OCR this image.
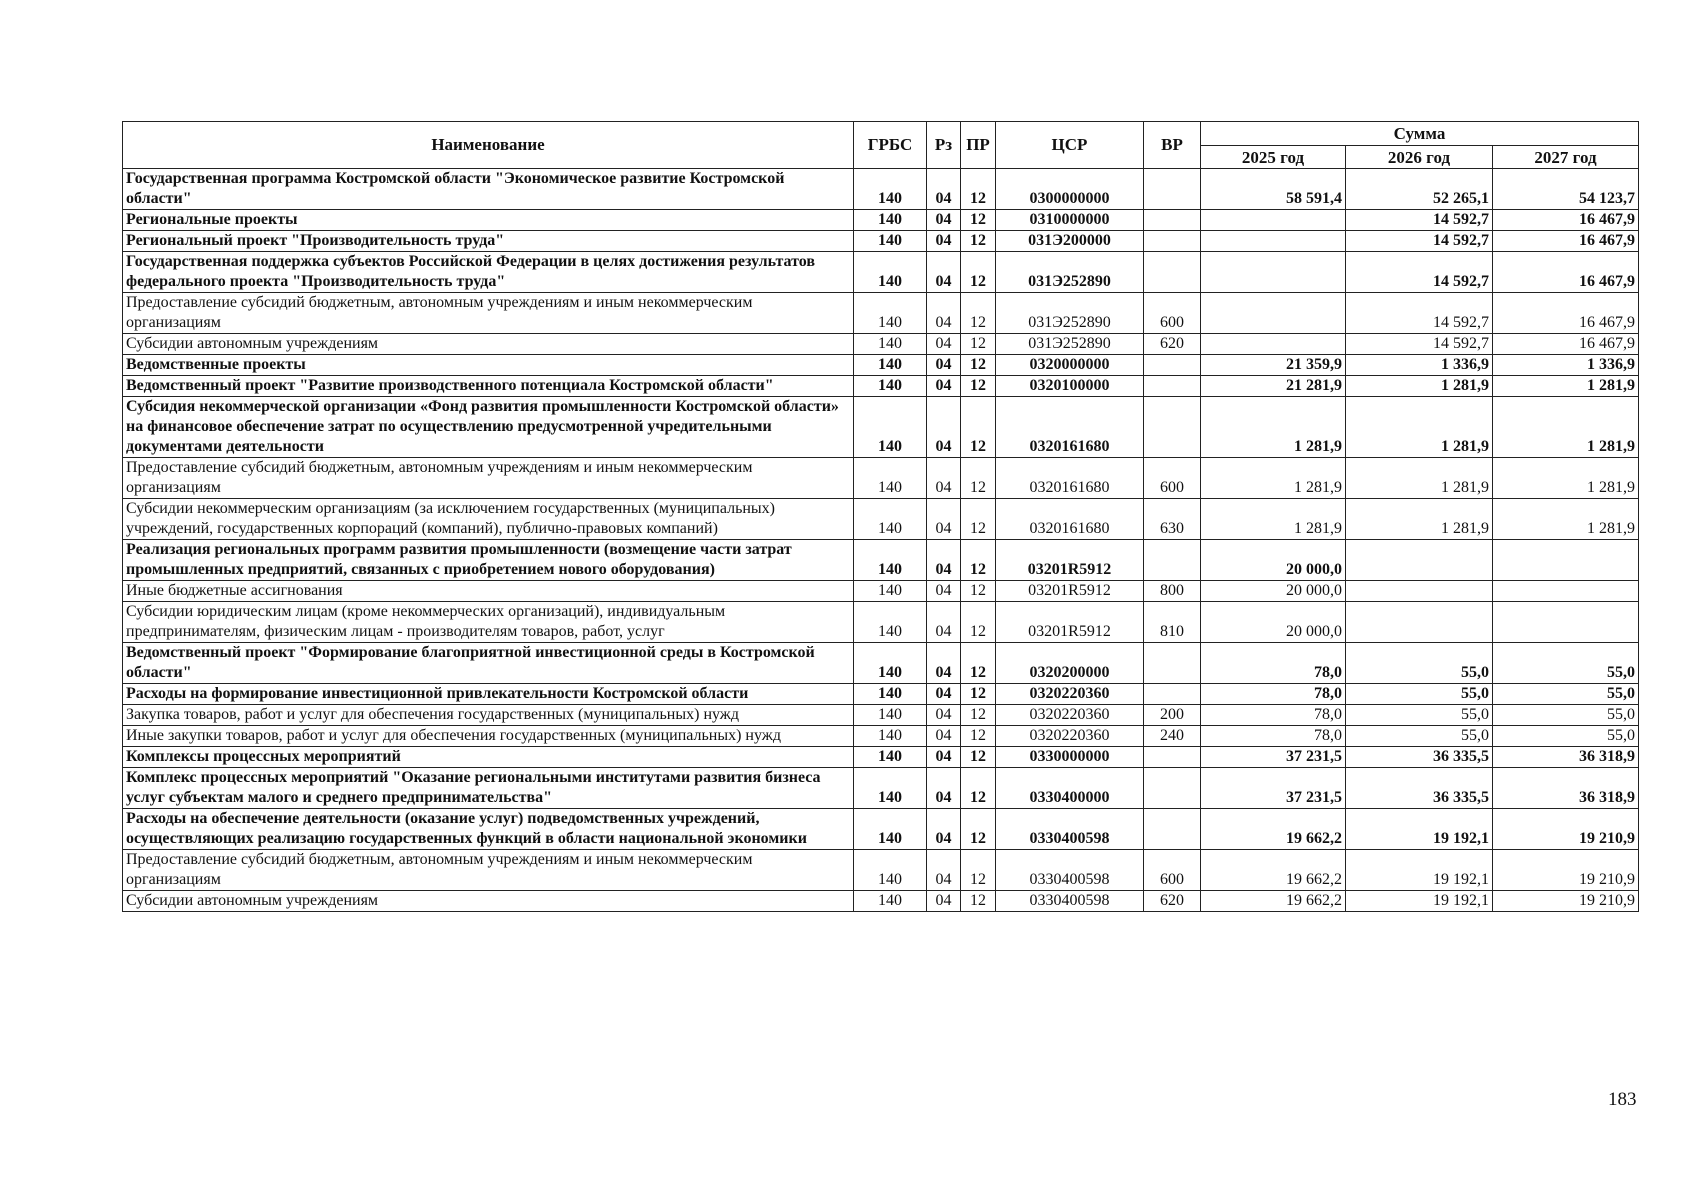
Наименование	ГРБС	Рз	ПР	ЦСР	ВР	Сумма		
						2025 год	2026 год	2027 год
Государственная программа Костромской области "Экономическое развитие Костромской области"	140	04	12	0300000000		58 591,4	52 265,1	54 123,7
Региональные проекты	140	04	12	0310000000			14 592,7	16 467,9
Региональный проект "Производительность труда"	140	04	12	031Э200000			14 592,7	16 467,9
Государственная поддержка субъектов Российской Федерации в целях достижения результатов федерального проекта "Производительность труда"	140	04	12	031Э252890			14 592,7	16 467,9
Предоставление субсидий бюджетным, автономным учреждениям и иным некоммерческим организациям	140	04	12	031Э252890	600		14 592,7	16 467,9
Субсидии автономным учреждениям	140	04	12	031Э252890	620		14 592,7	16 467,9
Ведомственные проекты	140	04	12	0320000000		21 359,9	1 336,9	1 336,9
Ведомственный проект "Развитие производственного потенциала Костромской области"	140	04	12	0320100000		21 281,9	1 281,9	1 281,9
Субсидия некоммерческой организации «Фонд развития промышленности Костромской области» на финансовое обеспечение затрат по осуществлению предусмотренной учредительными документами деятельности	140	04	12	0320161680		1 281,9	1 281,9	1 281,9
Предоставление субсидий бюджетным, автономным учреждениям и иным некоммерческим организациям	140	04	12	0320161680	600	1 281,9	1 281,9	1 281,9
Субсидии некоммерческим организациям (за исключением государственных (муниципальных) учреждений, государственных корпораций (компаний), публично-правовых компаний)	140	04	12	0320161680	630	1 281,9	1 281,9	1 281,9
Реализация региональных программ развития промышленности (возмещение части затрат промышленных предприятий, связанных с приобретением нового оборудования)	140	04	12	03201R5912		20 000,0		
Иные бюджетные ассигнования	140	04	12	03201R5912	800	20 000,0		
Субсидии юридическим лицам (кроме некоммерческих организаций), индивидуальным предпринимателям, физическим лицам - производителям товаров, работ, услуг	140	04	12	03201R5912	810	20 000,0		
Ведомственный проект "Формирование благоприятной инвестиционной среды в Костромской области"	140	04	12	0320200000		78,0	55,0	55,0
Расходы на формирование инвестиционной привлекательности Костромской области	140	04	12	0320220360		78,0	55,0	55,0
Закупка товаров, работ и услуг для обеспечения государственных (муниципальных) нужд	140	04	12	0320220360	200	78,0	55,0	55,0
Иные закупки товаров, работ и услуг для обеспечения государственных (муниципальных) нужд	140	04	12	0320220360	240	78,0	55,0	55,0
Комплексы процессных мероприятий	140	04	12	0330000000		37 231,5	36 335,5	36 318,9
Комплекс процессных мероприятий "Оказание региональными институтами развития бизнеса услуг субъектам малого и среднего предпринимательства"	140	04	12	0330400000		37 231,5	36 335,5	36 318,9
Расходы на обеспечение деятельности (оказание услуг) подведомственных учреждений, осуществляющих реализацию государственных функций в области национальной экономики	140	04	12	0330400598		19 662,2	19 192,1	19 210,9
Предоставление субсидий бюджетным, автономным учреждениям и иным некоммерческим организациям	140	04	12	0330400598	600	19 662,2	19 192,1	19 210,9
Субсидии автономным учреждениям	140	04	12	0330400598	620	19 662,2	19 192,1	19 210,9
183
